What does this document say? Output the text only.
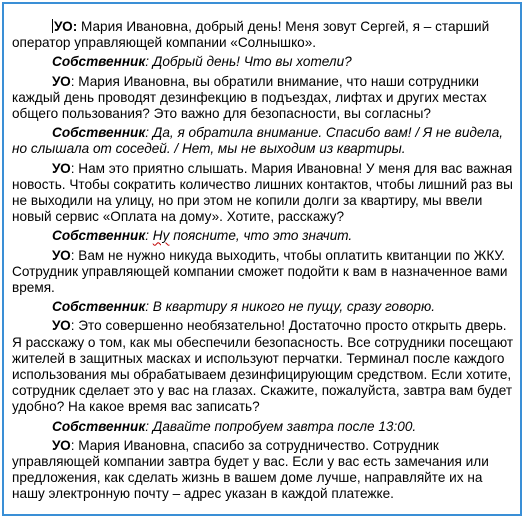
УО: Мария Ивановна, добрый день! Меня зовут Сергей, я – старший оператор управляющей компании «Солнышко».

Собственник: Добрый день! Что вы хотели?

УО: Мария Ивановна, вы обратили внимание, что наши сотрудники каждый день проводят дезинфекцию в подъездах, лифтах и других местах общего пользования? Это важно для безопасности, вы согласны?

Собственник: Да, я обратила внимание. Спасибо вам! / Я не видела, но слышала от соседей. / Нет, мы не выходим из квартиры.

УО: Нам это приятно слышать. Мария Ивановна! У меня для вас важная новость. Чтобы сократить количество лишних контактов, чтобы лишний раз вы не выходили на улицу, но при этом не копили долги за квартиру, мы ввели новый сервис «Оплата на дому». Хотите, расскажу?

Собственник: Ну поясните, что это значит.

УО: Вам не нужно никуда выходить, чтобы оплатить квитанции по ЖКУ. Сотрудник управляющей компании сможет подойти к вам в назначенное вами время.

Собственник: В квартиру я никого не пущу, сразу говорю.

УО: Это совершенно необязательно! Достаточно просто открыть дверь. Я расскажу о том, как мы обеспечили безопасность. Все сотрудники посещают жителей в защитных масках и используют перчатки. Терминал после каждого использования мы обрабатываем дезинфицирующим средством. Если хотите, сотрудник сделает это у вас на глазах. Скажите, пожалуйста, завтра вам будет удобно? На какое время вас записать?

Собственник: Давайте попробуем завтра после 13:00.

УО: Мария Ивановна, спасибо за сотрудничество. Сотрудник управляющей компании завтра будет у вас. Если у вас есть замечания или предложения, как сделать жизнь в вашем доме лучше, направляйте их на нашу электронную почту – адрес указан в каждой платежке.
